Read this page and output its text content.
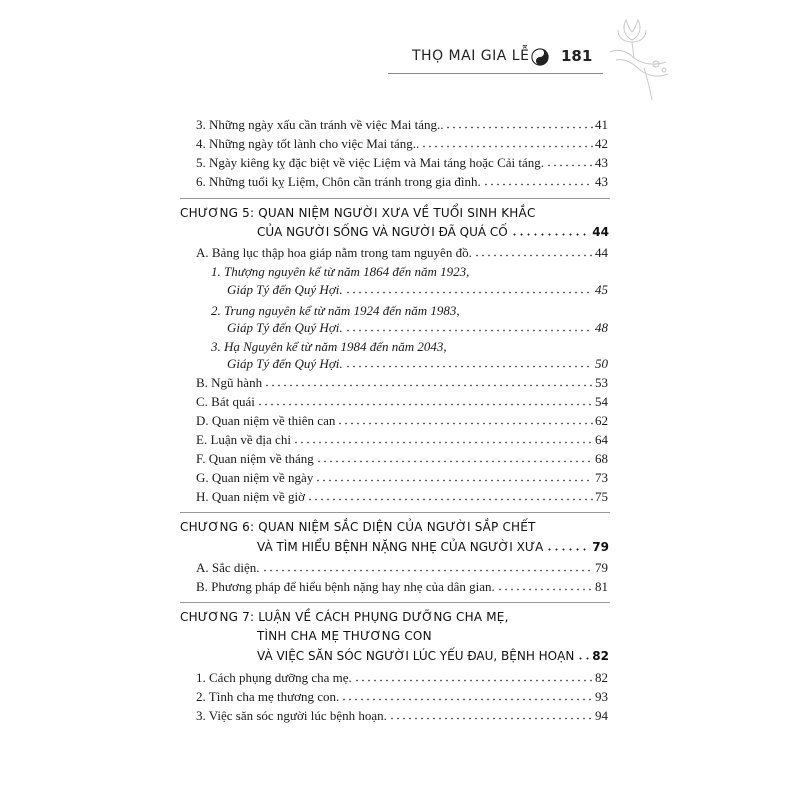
THỌ MAI GIA LỄ 181
3. Những ngày xấu cần tránh về việc Mai táng..	41
4. Những ngày tốt lành cho việc Mai táng..	42
5. Ngày kiêng kỵ đặc biệt về việc Liệm và Mai táng hoặc Cải táng.	43
6. Những tuổi kỵ Liệm, Chôn cần tránh trong gia đình.	43
CHƯƠNG 5: QUAN NIỆM NGƯỜI XƯA VỀ TUỔI SINH KHẮC
CỦA NGƯỜI SỐNG VÀ NGƯỜI ĐÃ QUÁ CỐ	44
A. Bảng lục thập hoa giáp nằm trong tam nguyên đồ.	44
1. Thượng nguyên kể từ năm 1864 đến năm 1923,
Giáp Tý đến Quý Hợi.	45
2. Trung nguyên kể từ năm 1924 đến năm 1983,
Giáp Tý đến Quý Hợi.	48
3. Hạ Nguyên kể từ năm 1984 đến năm 2043,
Giáp Tý đến Quý Hợi.	50
B. Ngũ hành	53
C. Bát quái	54
D. Quan niệm về thiên can	62
E. Luận về địa chi	64
F. Quan niệm về tháng	68
G. Quan niệm về ngày	73
H. Quan niệm về giờ	75
CHƯƠNG 6: QUAN NIỆM SẮC DIỆN CỦA NGƯỜI SẮP CHẾT
VÀ TÌM HIỂU BỆNH NẶNG NHẸ CỦA NGƯỜI XƯA	79
A. Sắc diện.	79
B. Phương pháp để hiểu bệnh nặng hay nhẹ của dân gian.	81
CHƯƠNG 7: LUẬN VỀ CÁCH PHỤNG DƯỠNG CHA MẸ,
TÌNH CHA MẸ THƯƠNG CON
VÀ VIỆC SĂN SÓC NGƯỜI LÚC YẾU ĐAU, BỆNH HOẠN 82
1. Cách phụng dưỡng cha mẹ.	82
2. Tình cha mẹ thương con.	93
3. Việc săn sóc người lúc bệnh hoạn.	94
